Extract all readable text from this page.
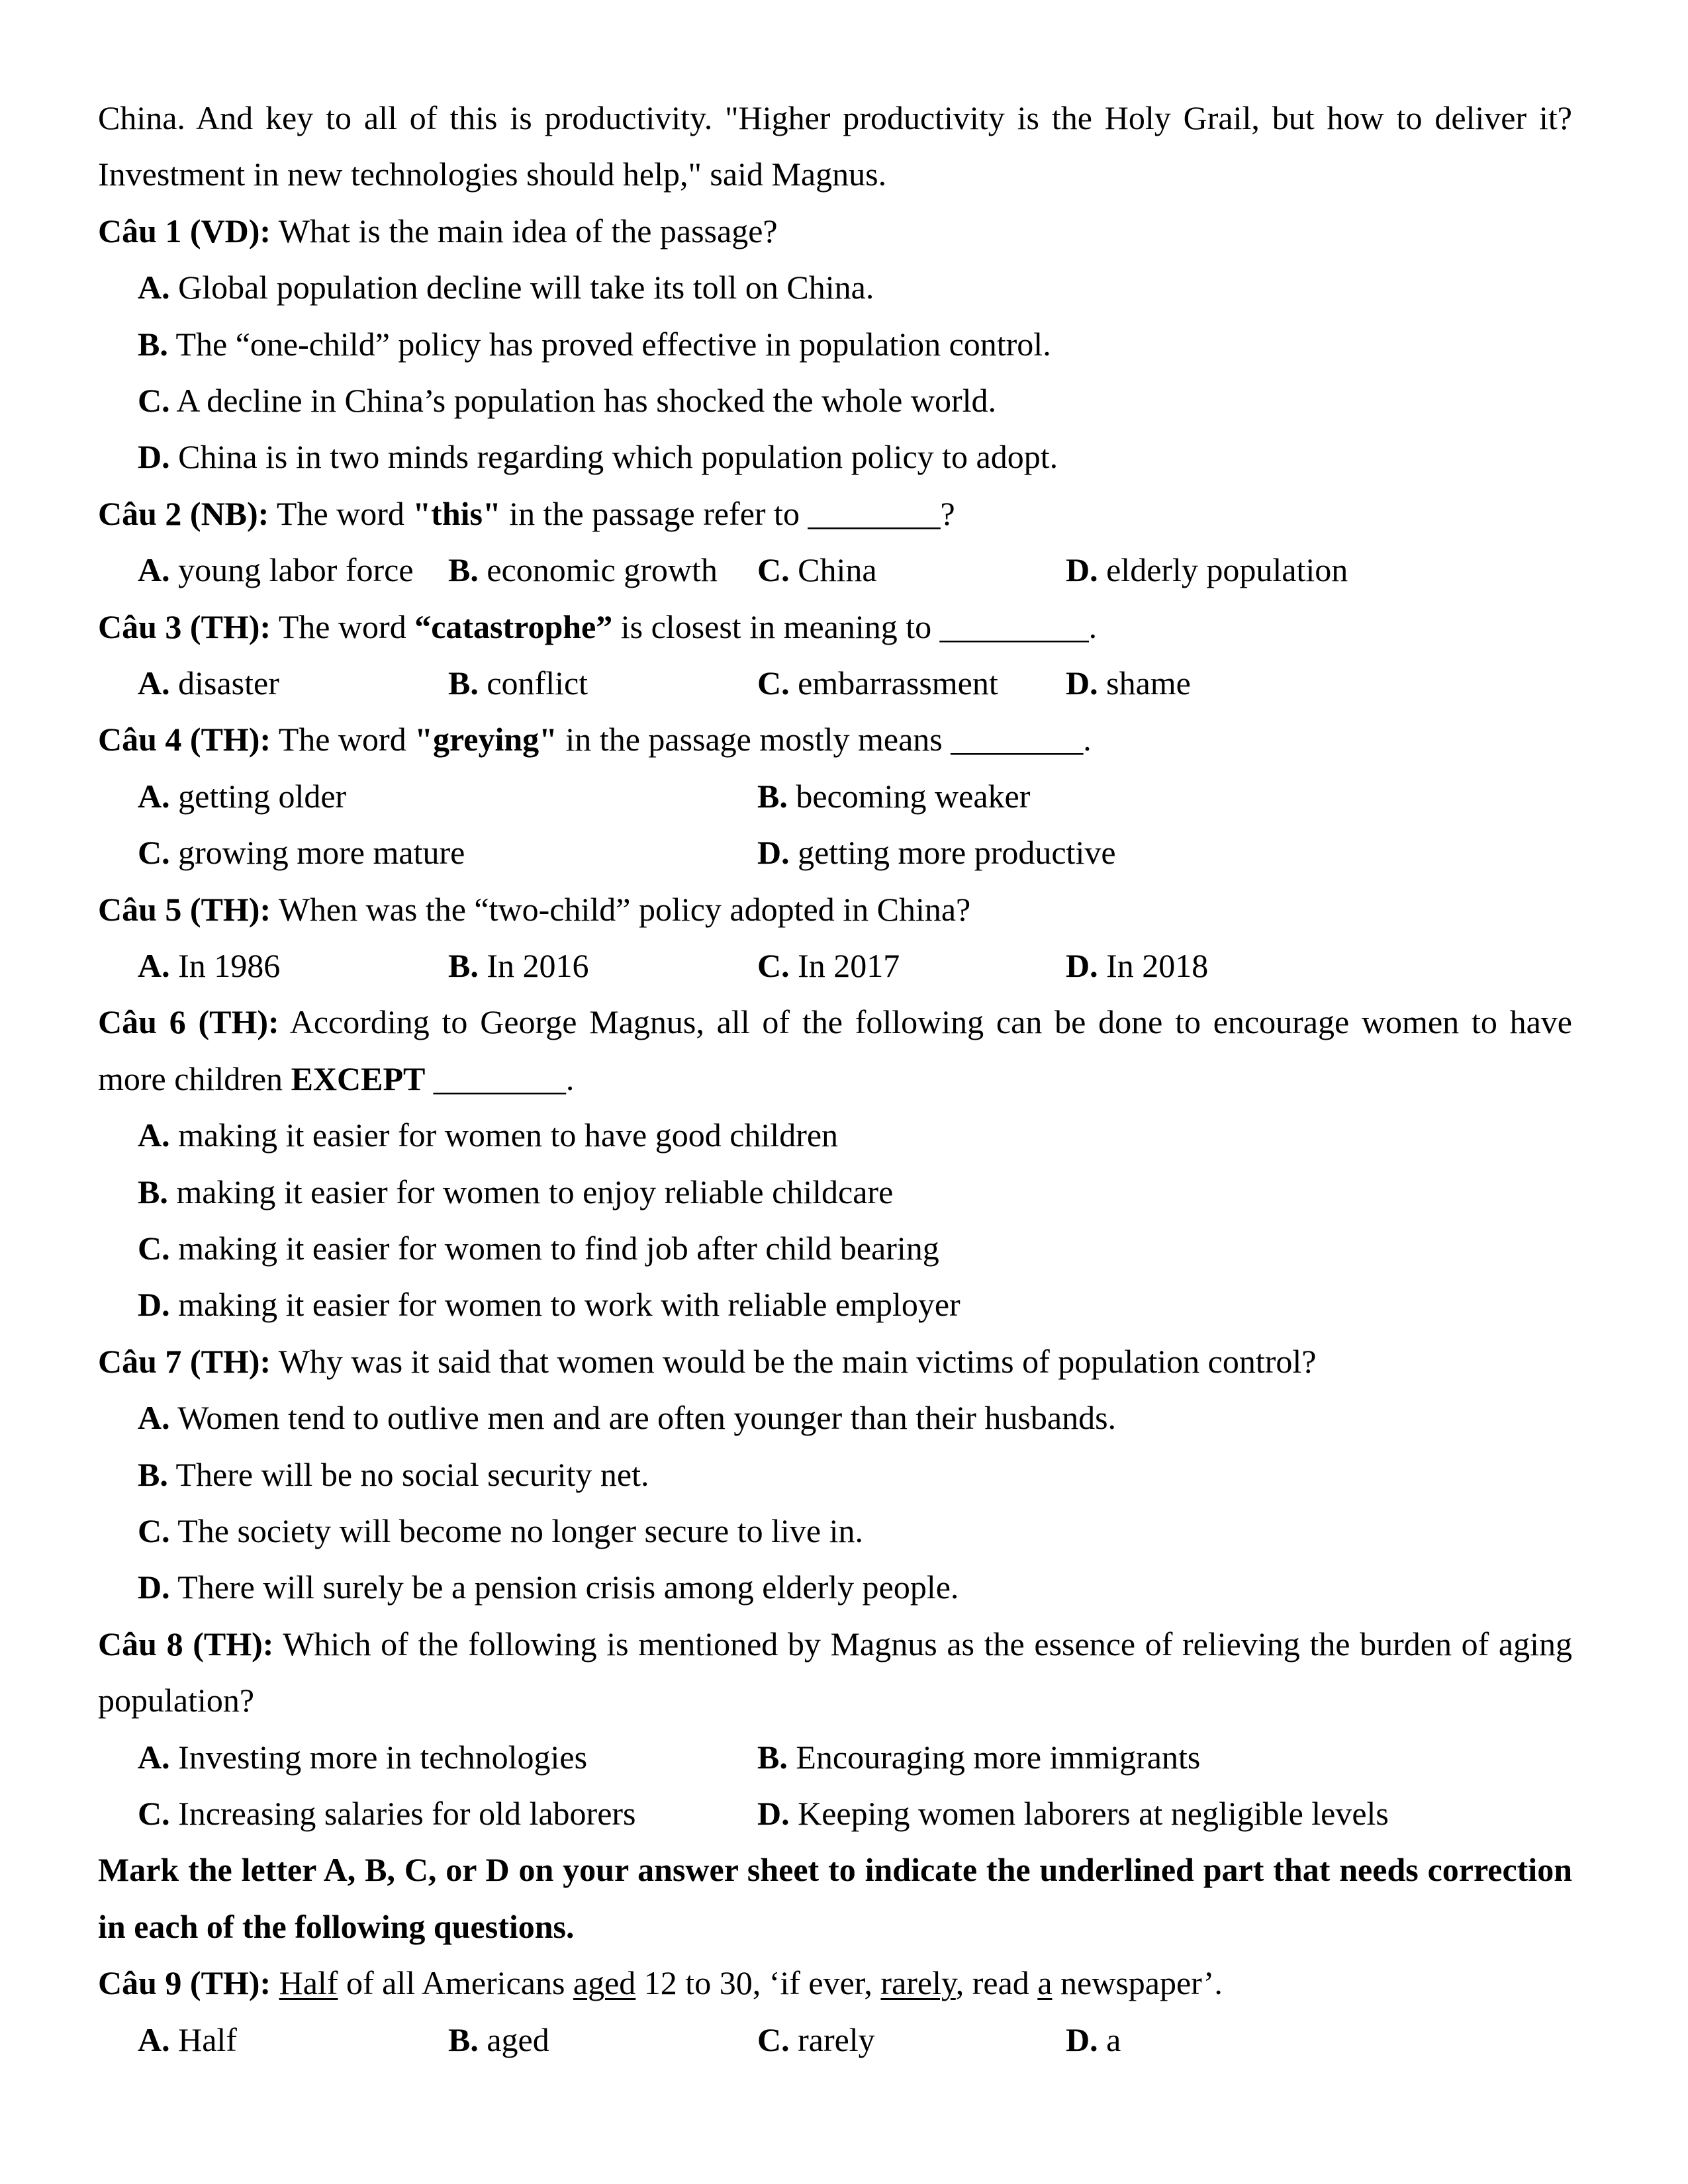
China. And key to all of this is productivity. "Higher productivity is the Holy Grail, but how to deliver it? Investment in new technologies should help," said Magnus.
Câu 1 (VD): What is the main idea of the passage?
A. Global population decline will take its toll on China.
B. The “one-child” policy has proved effective in population control.
C. A decline in China’s population has shocked the whole world.
D. China is in two minds regarding which population policy to adopt.
Câu 2 (NB): The word "this" in the passage refer to ________?
A. young labor force B. economic growth C. China	D. elderly population
Câu 3 (TH): The word “catastrophe” is closest in meaning to _________.
A. disaster	B. conflict	C. embarrassment D. shame
Câu 4 (TH): The word "greying" in the passage mostly means ________.
A. getting older	B. becoming weaker
C. growing more mature	D. getting more productive
Câu 5 (TH): When was the “two-child” policy adopted in China?
A. In 1986	B. In 2016	C. In 2017	D. In 2018
Câu 6 (TH): According to George Magnus, all of the following can be done to encourage women to have more children EXCEPT ________.
A. making it easier for women to have good children
B. making it easier for women to enjoy reliable childcare
C. making it easier for women to find job after child bearing
D. making it easier for women to work with reliable employer
Câu 7 (TH): Why was it said that women would be the main victims of population control?
A. Women tend to outlive men and are often younger than their husbands.
B. There will be no social security net.
C. The society will become no longer secure to live in.
D. There will surely be a pension crisis among elderly people.
Câu 8 (TH): Which of the following is mentioned by Magnus as the essence of relieving the burden of aging population?
A. Investing more in technologies	B. Encouraging more immigrants
C. Increasing salaries for old laborers	D. Keeping women laborers at negligible levels
Mark the letter A, B, C, or D on your answer sheet to indicate the underlined part that needs correction in each of the following questions.
Câu 9 (TH): Half of all Americans aged 12 to 30, ‘if ever, rarely, read a newspaper’.
A. Half	B. aged	C. rarely	D. a
